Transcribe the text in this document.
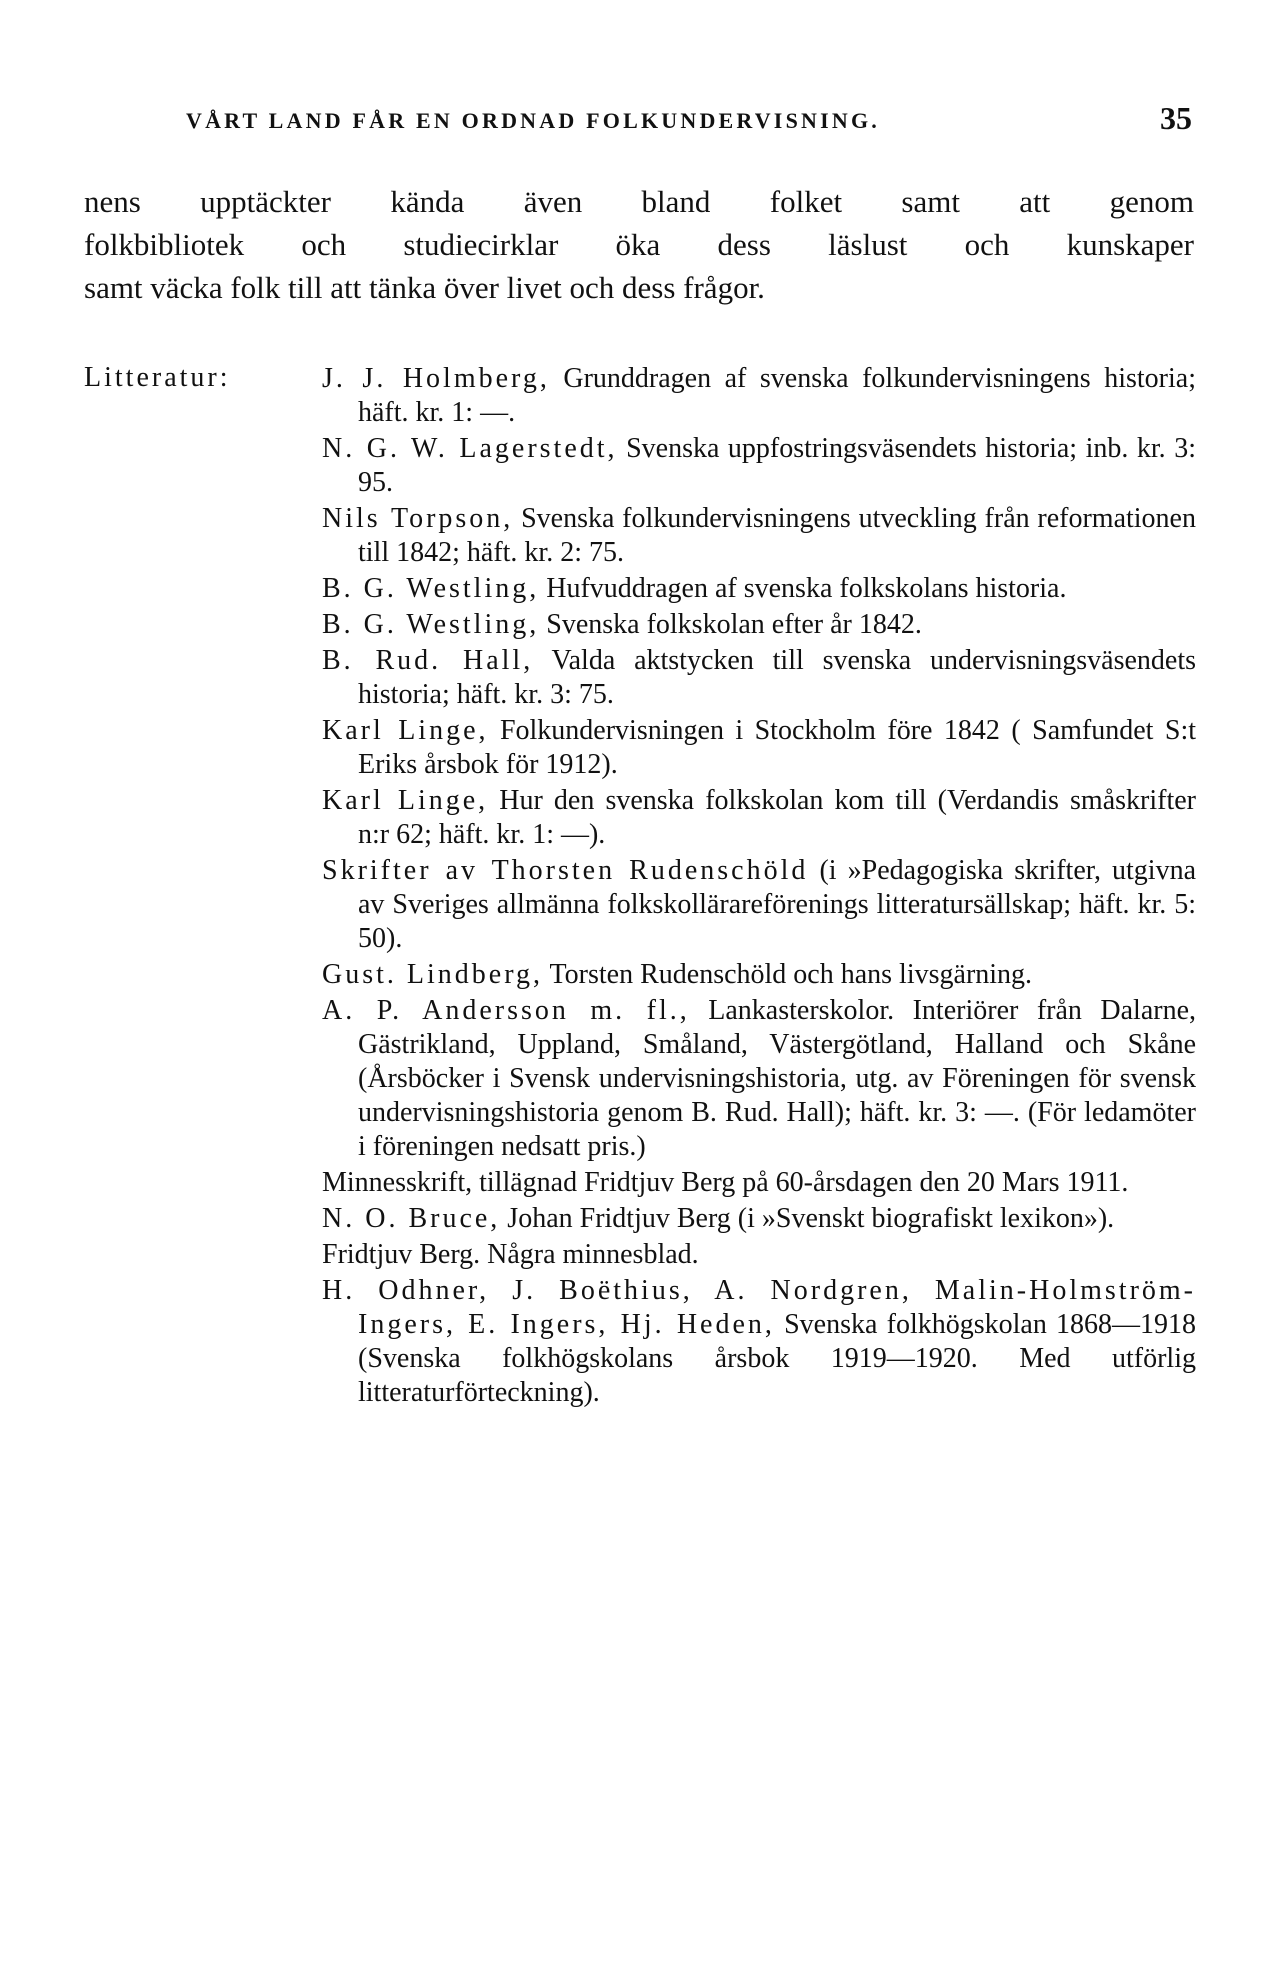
VÅRT LAND FÅR EN ORDNAD FOLKUNDERVISNING.	35
nens upptäckter kända även bland folket samt att genom
folkbibliotek och studiecirklar öka dess läslust och kunskaper
samt väcka folk till att tänka över livet och dess frågor.
Litteratur:	J. J. Holmberg, Grunddragen af svenska folkundervisningens historia; häft. kr. 1: —.
N. G. W. Lagerstedt, Svenska uppfostringsväsendets historia; inb. kr. 3: 95.
Nils Torpson, Svenska folkundervisningens utveckling från reformationen till 1842; häft. kr. 2: 75.
B. G. Westling, Hufvuddragen af svenska folkskolans historia.
B. G. Westling, Svenska folkskolan efter år 1842.
B. Rud. Hall, Valda aktstycken till svenska undervisningsväsendets historia; häft. kr. 3: 75.
Karl Linge, Folkundervisningen i Stockholm före 1842 ( Samfundet S:t Eriks årsbok för 1912).
Karl Linge, Hur den svenska folkskolan kom till (Verdandis småskrifter n:r 62; häft. kr. 1: —).
Skrifter av Thorsten Rudenschöld (i »Pedagogiska skrifter, utgivna av Sveriges allmänna folkskollärareförenings litteratursällskap; häft. kr. 5: 50).
Gust. Lindberg, Torsten Rudenschöld och hans livsgärning.
A. P. Andersson m. fl., Lankasterskolor. Interiörer från Dalarne, Gästrikland, Uppland, Småland, Västergötland, Halland och Skåne (Årsböcker i Svensk undervisningshistoria, utg. av Föreningen för svensk undervisningshistoria genom B. Rud. Hall); häft. kr. 3: —. (För ledamöter i föreningen nedsatt pris.)
Minnesskrift, tillägnad Fridtjuv Berg på 60-årsdagen den 20 Mars 1911.
N. O. Bruce, Johan Fridtjuv Berg (i »Svenskt biografiskt lexikon»).
Fridtjuv Berg. Några minnesblad.
H. Odhner, J. Boëthius, A. Nordgren, Malin-Holmström-Ingers, E. Ingers, Hj. Heden, Svenska folkhögskolan 1868—1918 (Svenska folkhögskolans årsbok 1919—1920. Med utförlig litteraturförteckning).
